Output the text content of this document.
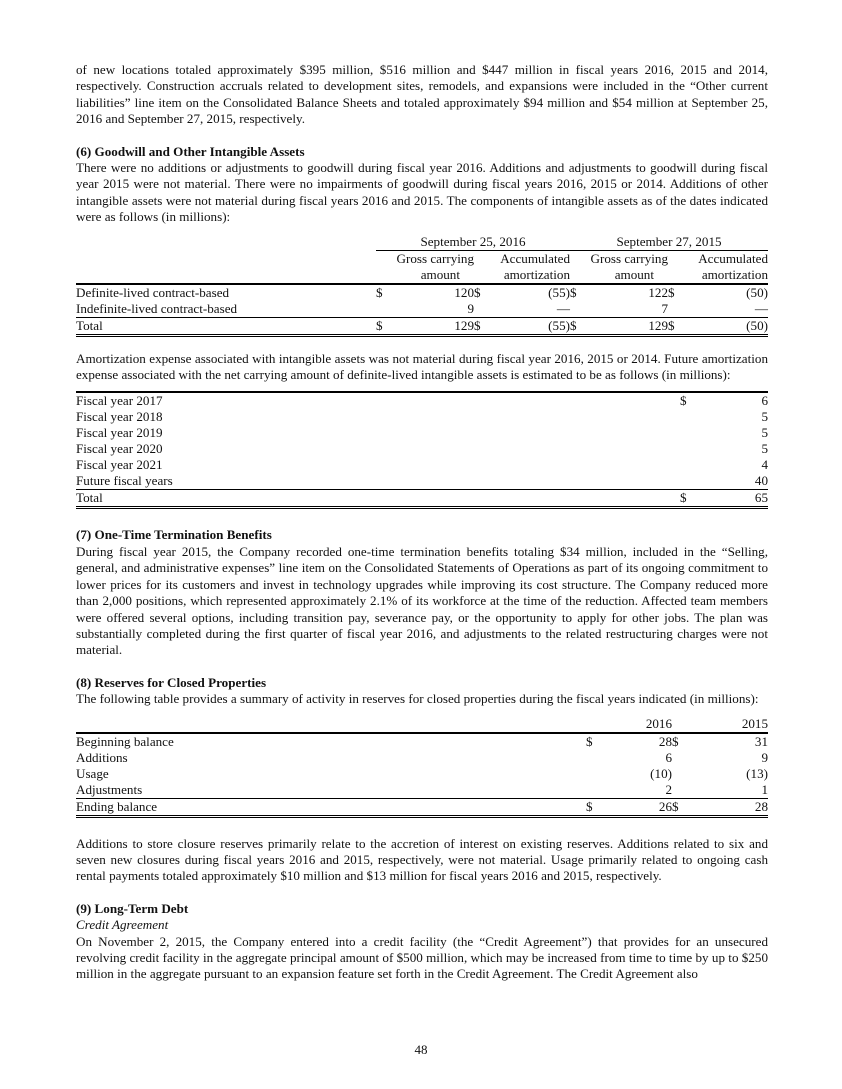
of new locations totaled approximately $395 million, $516 million and $447 million in fiscal years 2016, 2015 and 2014, respectively. Construction accruals related to development sites, remodels, and expansions were included in the “Other current liabilities” line item on the Consolidated Balance Sheets and totaled approximately $94 million and $54 million at September 25, 2016 and September 27, 2015, respectively.

(6) Goodwill and Other Intangible Assets

There were no additions or adjustments to goodwill during fiscal year 2016. Additions and adjustments to goodwill during fiscal year 2015 were not material. There were no impairments of goodwill during fiscal years 2016, 2015 or 2014. Additions of other intangible assets were not material during fiscal years 2016 and 2015. The components of intangible assets as of the dates indicated were as follows (in millions):

	September 25, 2016				September 27, 2015			
	Gross carrying		Accumulated		Gross carrying		Accumulated	
	amount		amortization		amount		amortization	
Definite-lived contract-based	$	120	$	(55)	$	122	$	(50)
Indefinite-lived contract-based		9		—		7		—
Total	$	129	$	(55)	$	129	$	(50)

Amortization expense associated with intangible assets was not material during fiscal year 2016, 2015 or 2014. Future amortization expense associated with the net carrying amount of definite-lived intangible assets is estimated to be as follows (in millions):

Fiscal year 2017	$	6
Fiscal year 2018		5
Fiscal year 2019		5
Fiscal year 2020		5
Fiscal year 2021		4
Future fiscal years		40
Total	$	65

(7) One-Time Termination Benefits

During fiscal year 2015, the Company recorded one-time termination benefits totaling $34 million, included in the “Selling, general, and administrative expenses” line item on the Consolidated Statements of Operations as part of its ongoing commitment to lower prices for its customers and invest in technology upgrades while improving its cost structure. The Company reduced more than 2,000 positions, which represented approximately 2.1% of its workforce at the time of the reduction. Affected team members were offered several options, including transition pay, severance pay, or the opportunity to apply for other jobs. The plan was substantially completed during the first quarter of fiscal year 2016, and adjustments to the related restructuring charges were not material.

(8) Reserves for Closed Properties

The following table provides a summary of activity in reserves for closed properties during the fiscal years indicated (in millions):

	2016		2015	
Beginning balance	$	28	$	31
Additions		6		9
Usage		(10)		(13)
Adjustments		2		1
Ending balance	$	26	$	28

Additions to store closure reserves primarily relate to the accretion of interest on existing reserves. Additions related to six and seven new closures during fiscal years 2016 and 2015, respectively, were not material. Usage primarily related to ongoing cash rental payments totaled approximately $10 million and $13 million for fiscal years 2016 and 2015, respectively.

(9) Long-Term Debt

Credit Agreement

On November 2, 2015, the Company entered into a credit facility (the “Credit Agreement”) that provides for an unsecured revolving credit facility in the aggregate principal amount of $500 million, which may be increased from time to time by up to $250 million in the aggregate pursuant to an expansion feature set forth in the Credit Agreement. The Credit Agreement also

48
